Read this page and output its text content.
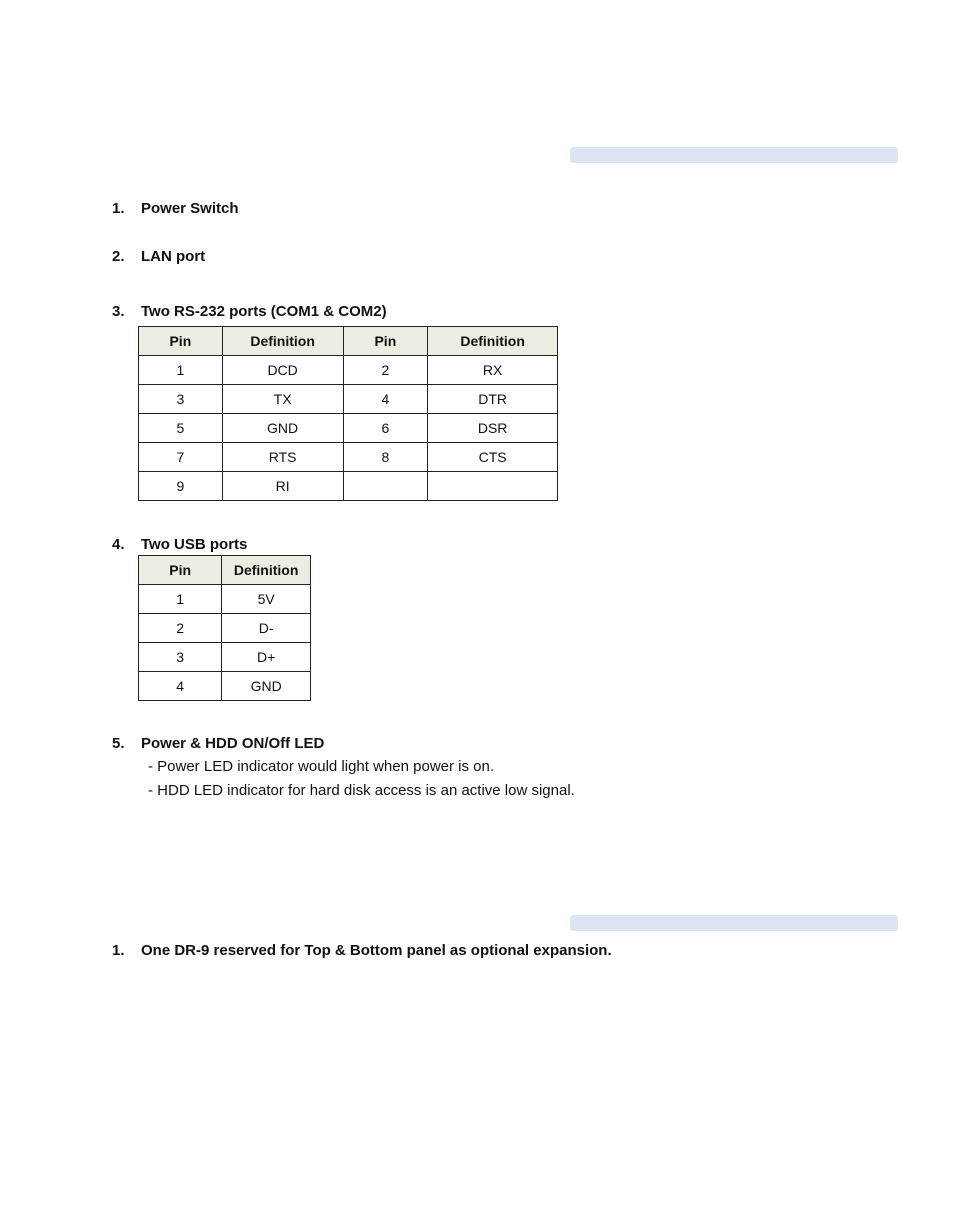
1. Power Switch
2. LAN port
3. Two RS-232 ports (COM1 & COM2)
Pin	Definition	Pin	Definition
1	DCD	2	RX
3	TX	4	DTR
5	GND	6	DSR
7	RTS	8	CTS
9	RI		
4. Two USB ports
Pin	Definition
1	5V
2	D-
3	D+
4	GND
5. Power & HDD ON/Off LED
- Power LED indicator would light when power is on.
- HDD LED indicator for hard disk access is an active low signal.
1. One DR-9 reserved for Top & Bottom panel as optional expansion.
